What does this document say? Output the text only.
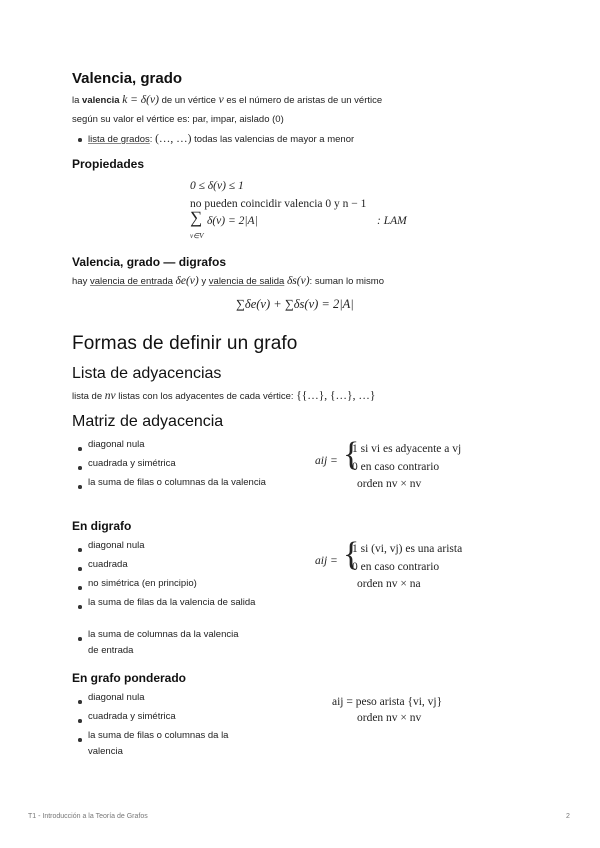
Valencia, grado
la valencia k = δ(v) de un vértice v es el número de aristas de un vértice
según su valor el vértice es: par, impar, aislado (0)
lista de grados: (…, …) todas las valencias de mayor a menor
Propiedades
0 ≤ δ(v) ≤ 1
no pueden coincidir valencia 0 y n − 1
∑
v∈V
δ(v) = 2|A|	: LAM
Valencia, grado — digrafos
hay valencia de entrada δe(v) y valencia de salida δs(v): suman lo mismo
∑δe(v) + ∑δs(v) = 2|A|
Formas de definir un grafo
Lista de adyacencias
lista de nv listas con los adyacentes de cada vértice: {{…}, {…}, …}
Matriz de adyacencia
diagonal nula
cuadrada y simétrica
la suma de filas o columnas da la valencia
aij = {
1 si vi es adyacente a vj
0 en caso contrario
orden nv × nv
En digrafo
diagonal nula
cuadrada
no simétrica (en principio)
la suma de filas da la valencia de salida
la suma de columnas da la valencia de entrada
aij = {
1 si (vi, vj) es una arista
0 en caso contrario
orden nv × na
En grafo ponderado
diagonal nula
cuadrada y simétrica
la suma de filas o columnas da la valencia
aij = peso arista {vi, vj}
orden nv × nv
T1 - Introducción a la Teoría de Grafos	2
